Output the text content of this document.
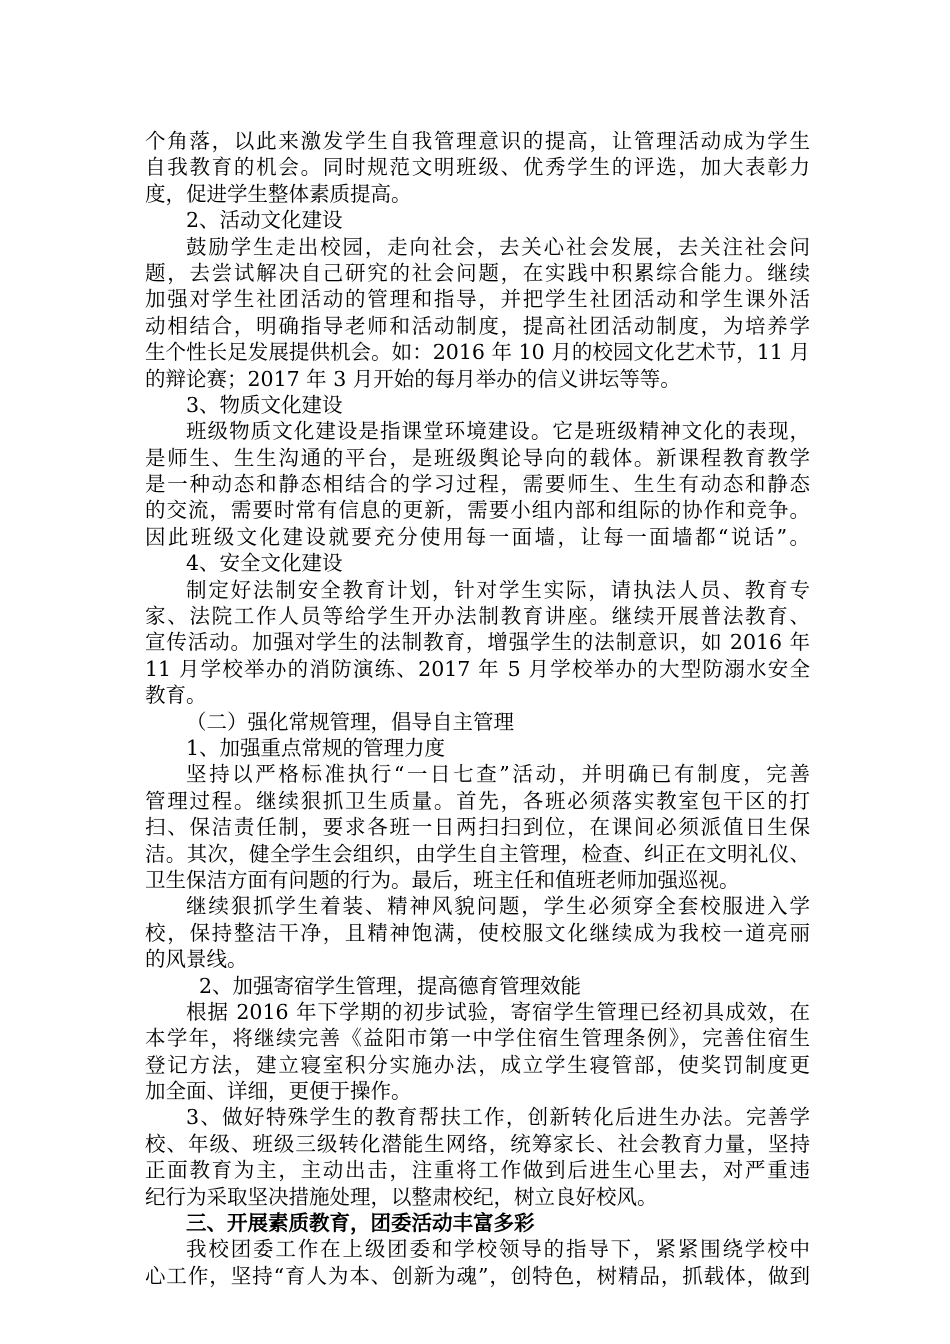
个角落，以此来激发学生自我管理意识的提高，让管理活动成为学生
自我教育的机会。同时规范文明班级、优秀学生的评选，加大表彰力
度，促进学生整体素质提高。
2、活动文化建设
鼓励学生走出校园，走向社会，去关心社会发展，去关注社会问
题，去尝试解决自己研究的社会问题，在实践中积累综合能力。继续
加强对学生社团活动的管理和指导，并把学生社团活动和学生课外活
动相结合，明确指导老师和活动制度，提高社团活动制度，为培养学
生个性长足发展提供机会。如：2016 年 10 月的校园文化艺术节，11 月
的辩论赛；2017 年 3 月开始的每月举办的信义讲坛等等。
3、物质文化建设
班级物质文化建设是指课堂环境建设。它是班级精神文化的表现，
是师生、生生沟通的平台，是班级舆论导向的载体。新课程教育教学
是一种动态和静态相结合的学习过程，需要师生、生生有动态和静态
的交流，需要时常有信息的更新，需要小组内部和组际的协作和竞争。
因此班级文化建设就要充分使用每一面墙，让每一面墙都“说话”。
4、安全文化建设
制定好法制安全教育计划，针对学生实际，请执法人员、教育专
家、法院工作人员等给学生开办法制教育讲座。继续开展普法教育、
宣传活动。加强对学生的法制教育，增强学生的法制意识，如 2016 年
11 月学校举办的消防演练、2017 年 5 月学校举办的大型防溺水安全
教育。
（二）强化常规管理，倡导自主管理
1、加强重点常规的管理力度
坚持以严格标准执行“一日七查”活动，并明确已有制度，完善
管理过程。继续狠抓卫生质量。首先，各班必须落实教室包干区的打
扫、保洁责任制，要求各班一日两扫扫到位，在课间必须派值日生保
洁。其次，健全学生会组织，由学生自主管理，检查、纠正在文明礼仪、
卫生保洁方面有问题的行为。最后，班主任和值班老师加强巡视。
继续狠抓学生着装、精神风貌问题，学生必须穿全套校服进入学
校，保持整洁干净，且精神饱满，使校服文化继续成为我校一道亮丽
的风景线。
2、加强寄宿学生管理，提高德育管理效能
根据 2016 年下学期的初步试验，寄宿学生管理已经初具成效，在
本学年，将继续完善《益阳市第一中学住宿生管理条例》，完善住宿生
登记方法，建立寝室积分实施办法，成立学生寝管部，使奖罚制度更
加全面、详细，更便于操作。
3、做好特殊学生的教育帮扶工作，创新转化后进生办法。完善学
校、年级、班级三级转化潜能生网络，统筹家长、社会教育力量，坚持
正面教育为主，主动出击，注重将工作做到后进生心里去，对严重违
纪行为采取坚决措施处理，以整肃校纪，树立良好校风。
三、开展素质教育，团委活动丰富多彩
我校团委工作在上级团委和学校领导的指导下，紧紧围绕学校中
心工作，坚持“育人为本、创新为魂”，创特色，树精品，抓载体，做到
